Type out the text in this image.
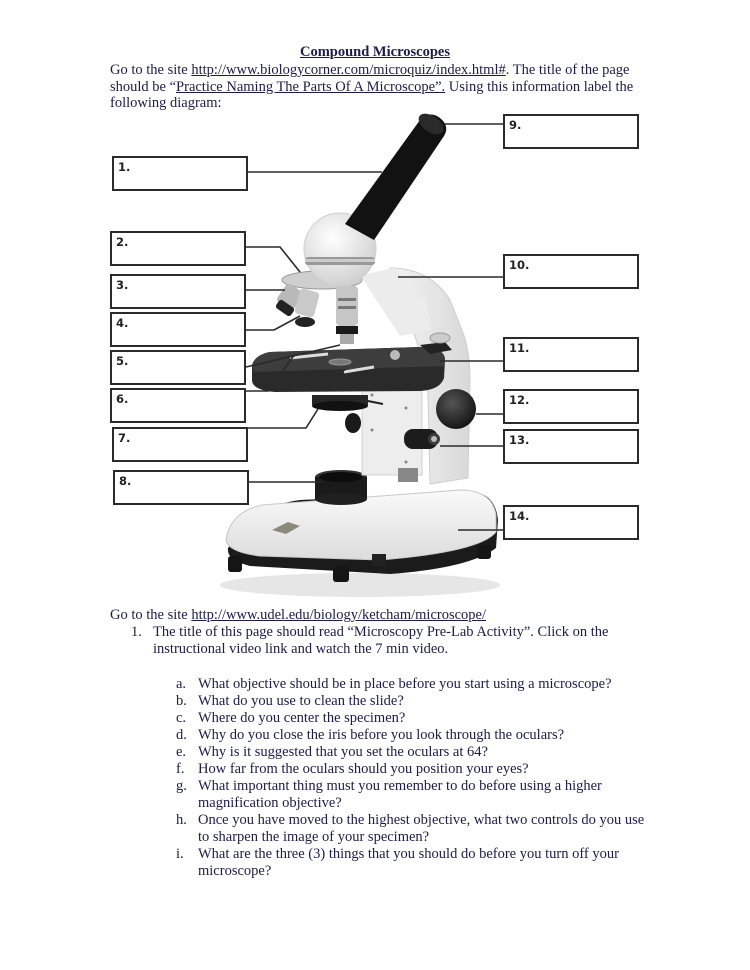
Compound Microscopes
Go to the site http://www.biologycorner.com/microquiz/index.html#. The title of the page should be “Practice Naming The Parts Of A Microscope”. Using this information label the following diagram:
1.
2.
3.
4.
5.
6.
7.
8.
9.
10.
11.
12.
13.
14.
Go to the site http://www.udel.edu/biology/ketcham/microscope/
1. The title of this page should read “Microscopy Pre-Lab Activity”. Click on the instructional video link and watch the 7 min video.
a. What objective should be in place before you start using a microscope?
b. What do you use to clean the slide?
c. Where do you center the specimen?
d. Why do you close the iris before you look through the oculars?
e. Why is it suggested that you set the oculars at 64?
f. How far from the oculars should you position your eyes?
g. What important thing must you remember to do before using a higher magnification objective?
h. Once you have moved to the highest objective, what two controls do you use to sharpen the image of your specimen?
i. What are the three (3) things that you should do before you turn off your microscope?
